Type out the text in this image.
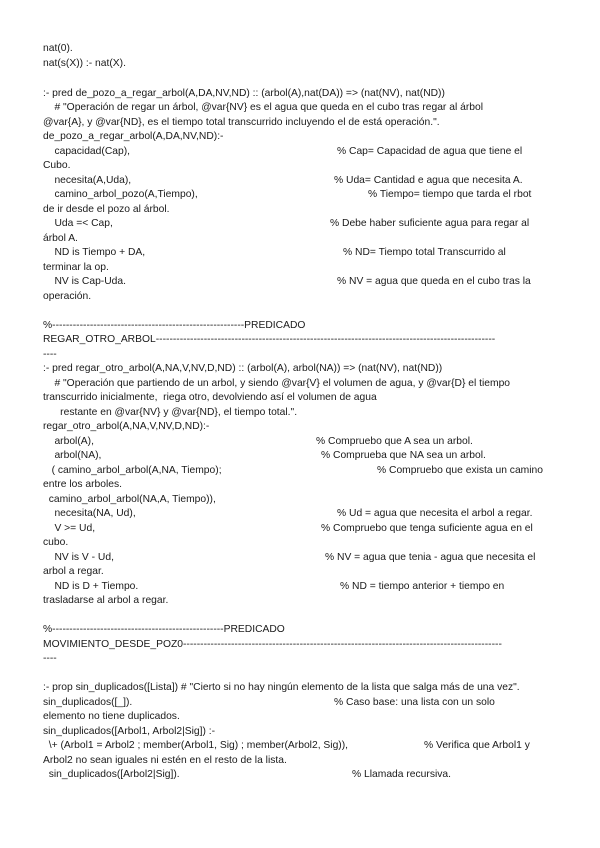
nat(0).
nat(s(X)) :- nat(X).
:- pred de_pozo_a_regar_arbol(A,DA,NV,ND) :: (arbol(A),nat(DA)) => (nat(NV), nat(ND))
# "Operación de regar un árbol, @var{NV} es el agua que queda en el cubo tras regar al árbol
@var{A}, y @var{ND}, es el tiempo total transcurrido incluyendo el de está operación.".
de_pozo_a_regar_arbol(A,DA,NV,ND):-
capacidad(Cap),	% Cap= Capacidad de agua que tiene el
Cubo.
necesita(A,Uda),	% Uda= Cantidad e agua que necesita A.
camino_arbol_pozo(A,Tiempo),	% Tiempo= tiempo que tarda el rbot
de ir desde el pozo al árbol.
Uda =< Cap,	% Debe haber suficiente agua para regar al
árbol A.
ND is Tiempo + DA,	% ND= Tiempo total Transcurrido al
terminar la op.
NV is Cap-Uda.	% NV = agua que queda en el cubo tras la
operación.
%--------------------------------------------------------PREDICADO
REGAR_OTRO_ARBOL---------------------------------------------------------------------------------------------------
----
:- pred regar_otro_arbol(A,NA,V,NV,D,ND) :: (arbol(A), arbol(NA)) => (nat(NV), nat(ND))
# "Operación que partiendo de un arbol, y siendo @var{V} el volumen de agua, y @var{D} el tiempo
transcurrido inicialmente,  riega otro, devolviendo así el volumen de agua
restante en @var{NV} y @var{ND}, el tiempo total.".
regar_otro_arbol(A,NA,V,NV,D,ND):-
arbol(A),	% Compruebo que A sea un arbol.
arbol(NA),	% Comprueba que NA sea un arbol.
( camino_arbol_arbol(A,NA, Tiempo);	% Compruebo que exista un camino
entre los arboles.
camino_arbol_arbol(NA,A, Tiempo)),
necesita(NA, Ud),	% Ud = agua que necesita el arbol a regar.
V >= Ud,	% Compruebo que tenga suficiente agua en el
cubo.
NV is V - Ud,	% NV = agua que tenia - agua que necesita el
arbol a regar.
ND is D + Tiempo.	% ND = tiempo anterior + tiempo en
trasladarse al arbol a regar.
%--------------------------------------------------PREDICADO
MOVIMIENTO_DESDE_POZ0---------------------------------------------------------------------------------------------
----
:- prop sin_duplicados([Lista]) # "Cierto si no hay ningún elemento de la lista que salga más de una vez".
sin_duplicados([_]).	% Caso base: una lista con un solo
elemento no tiene duplicados.
sin_duplicados([Arbol1, Arbol2|Sig]) :-
\+ (Arbol1 = Arbol2 ; member(Arbol1, Sig) ; member(Arbol2, Sig)),	% Verifica que Arbol1 y
Arbol2 no sean iguales ni estén en el resto de la lista.
sin_duplicados([Arbol2|Sig]).	% Llamada recursiva.
